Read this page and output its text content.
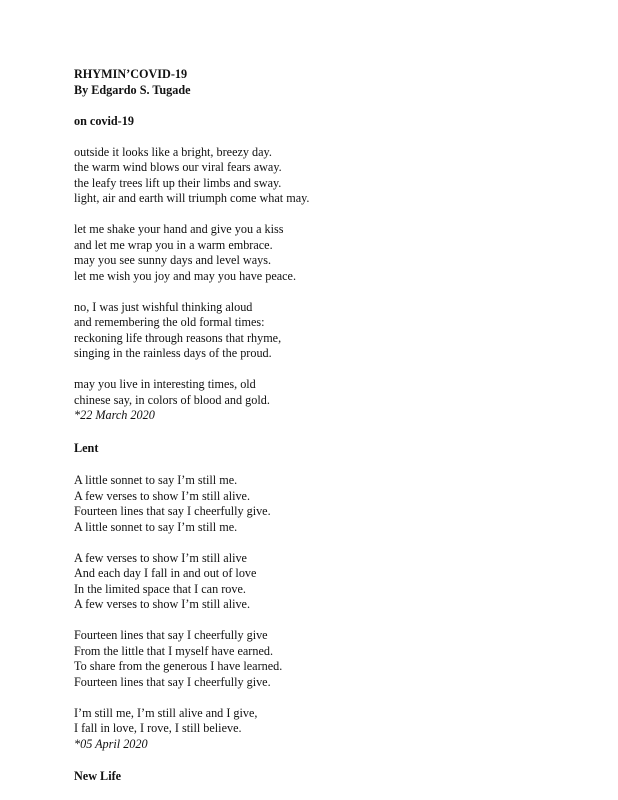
RHYMIN’COVID-19
By Edgardo S. Tugade
on covid-19
outside it looks like a bright, breezy day.
the warm wind blows our viral fears away.
the leafy trees lift up their limbs and sway.
light, air and earth will triumph come what may.
let me shake your hand and give you a kiss
and let me wrap you in a warm embrace.
may you see sunny days and level ways.
let me wish you joy and may you have peace.
no, I was just wishful thinking aloud
and remembering the old formal times:
reckoning life through reasons that rhyme,
singing in the rainless days of the proud.
may you live in interesting times, old
chinese say, in colors of blood and gold.
*22 March 2020
Lent
A little sonnet to say I’m still me.
A few verses to show I’m still alive.
Fourteen lines that say I cheerfully give.
A little sonnet to say I’m still me.
A few verses to show I’m still alive
And each day I fall in and out of love
In the limited space that I can rove.
A few verses to show I’m still alive.
Fourteen lines that say I cheerfully give
From the little that I myself have earned.
To share from the generous I have learned.
Fourteen lines that say I cheerfully give.
I’m still me, I’m still alive and I give,
I fall in love, I rove, I still believe.
*05 April 2020
New Life
